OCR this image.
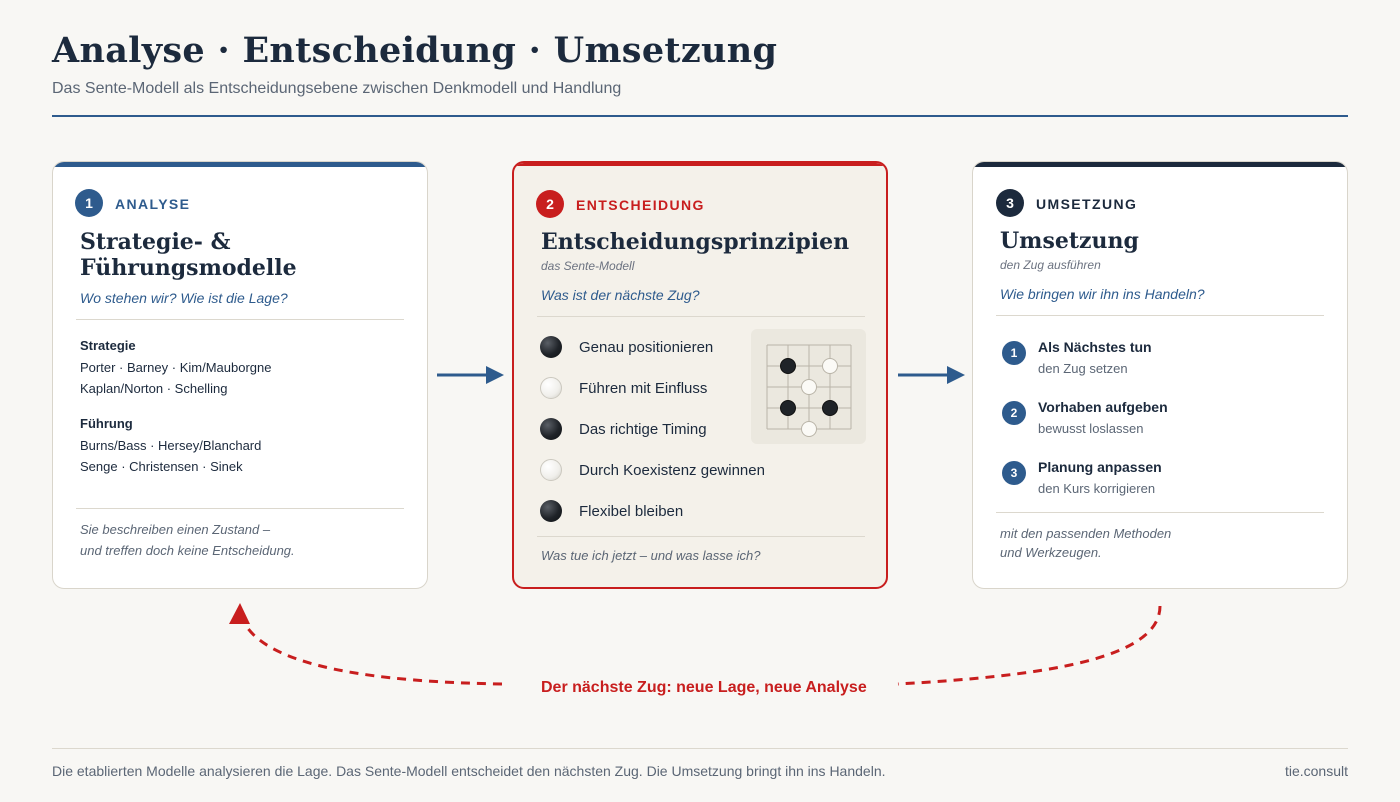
Analyse · Entscheidung · Umsetzung
Das Sente-Modell als Entscheidungsebene zwischen Denkmodell und Handlung
1	ANALYSE
Strategie- &
Führungsmodelle
Wo stehen wir? Wie ist die Lage?
Strategie
Porter · Barney · Kim/Mauborgne
Kaplan/Norton · Schelling
Führung
Burns/Bass · Hersey/Blanchard
Senge · Christensen · Sinek
Sie beschreiben einen Zustand –
und treffen doch keine Entscheidung.
2	ENTSCHEIDUNG
Entscheidungsprinzipien
das Sente-Modell
Was ist der nächste Zug?
Genau positionieren
Führen mit Einfluss
Das richtige Timing
Durch Koexistenz gewinnen
Flexibel bleiben
Was tue ich jetzt – und was lasse ich?
3	UMSETZUNG
Umsetzung
den Zug ausführen
Wie bringen wir ihn ins Handeln?
1	Als Nächstes tun
den Zug setzen
2	Vorhaben aufgeben
bewusst loslassen
3	Planung anpassen
den Kurs korrigieren
mit den passenden Methoden
und Werkzeugen.
Der nächste Zug: neue Lage, neue Analyse
Die etablierten Modelle analysieren die Lage. Das Sente-Modell entscheidet den nächsten Zug. Die Umsetzung bringt ihn ins Handeln.	tie.consult
